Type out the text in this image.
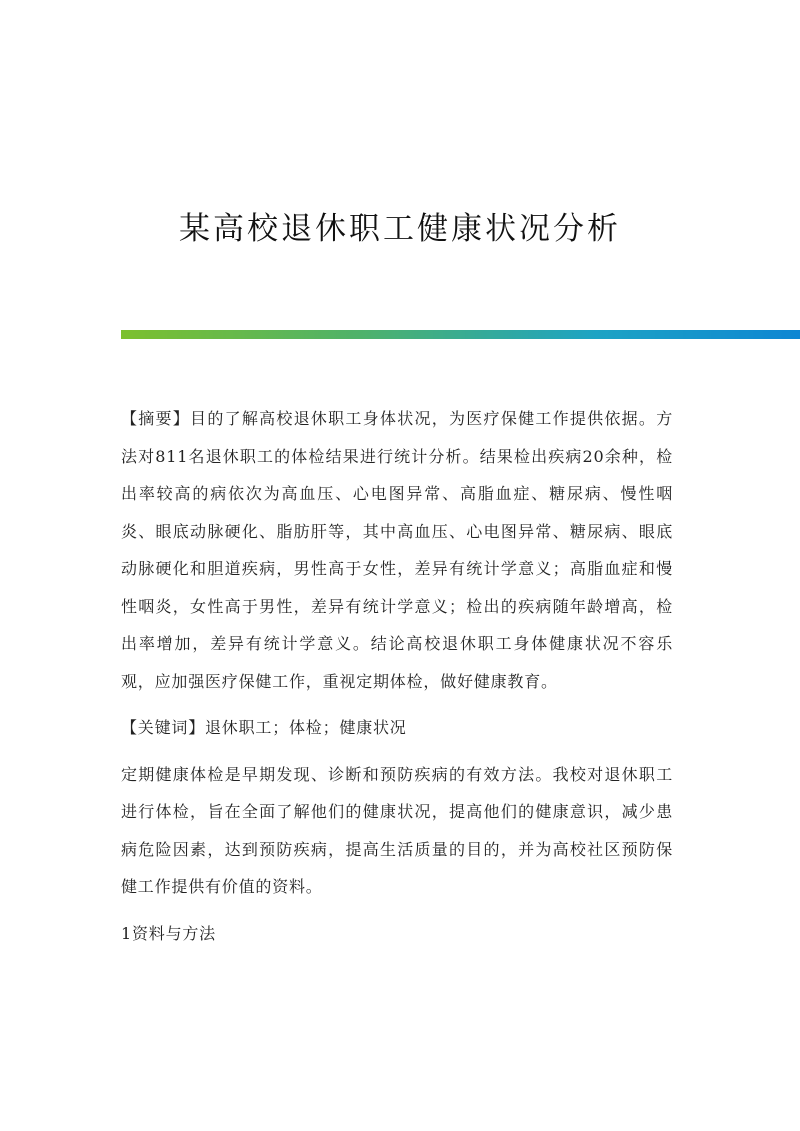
某高校退休职工健康状况分析

【摘要】目的了解高校退休职工身体状况，为医疗保健工作提供依据。方法对811名退休职工的体检结果进行统计分析。结果检出疾病20余种，检出率较高的病依次为高血压、心电图异常、高脂血症、糖尿病、慢性咽炎、眼底动脉硬化、脂肪肝等，其中高血压、心电图异常、糖尿病、眼底动脉硬化和胆道疾病，男性高于女性，差异有统计学意义；高脂血症和慢性咽炎，女性高于男性，差异有统计学意义；检出的疾病随年龄增高，检出率增加，差异有统计学意义。结论高校退休职工身体健康状况不容乐观，应加强医疗保健工作，重视定期体检，做好健康教育。

【关键词】退休职工；体检；健康状况

定期健康体检是早期发现、诊断和预防疾病的有效方法。我校对退休职工进行体检，旨在全面了解他们的健康状况，提高他们的健康意识，减少患病危险因素，达到预防疾病，提高生活质量的目的，并为高校社区预防保健工作提供有价值的资料。

1资料与方法
